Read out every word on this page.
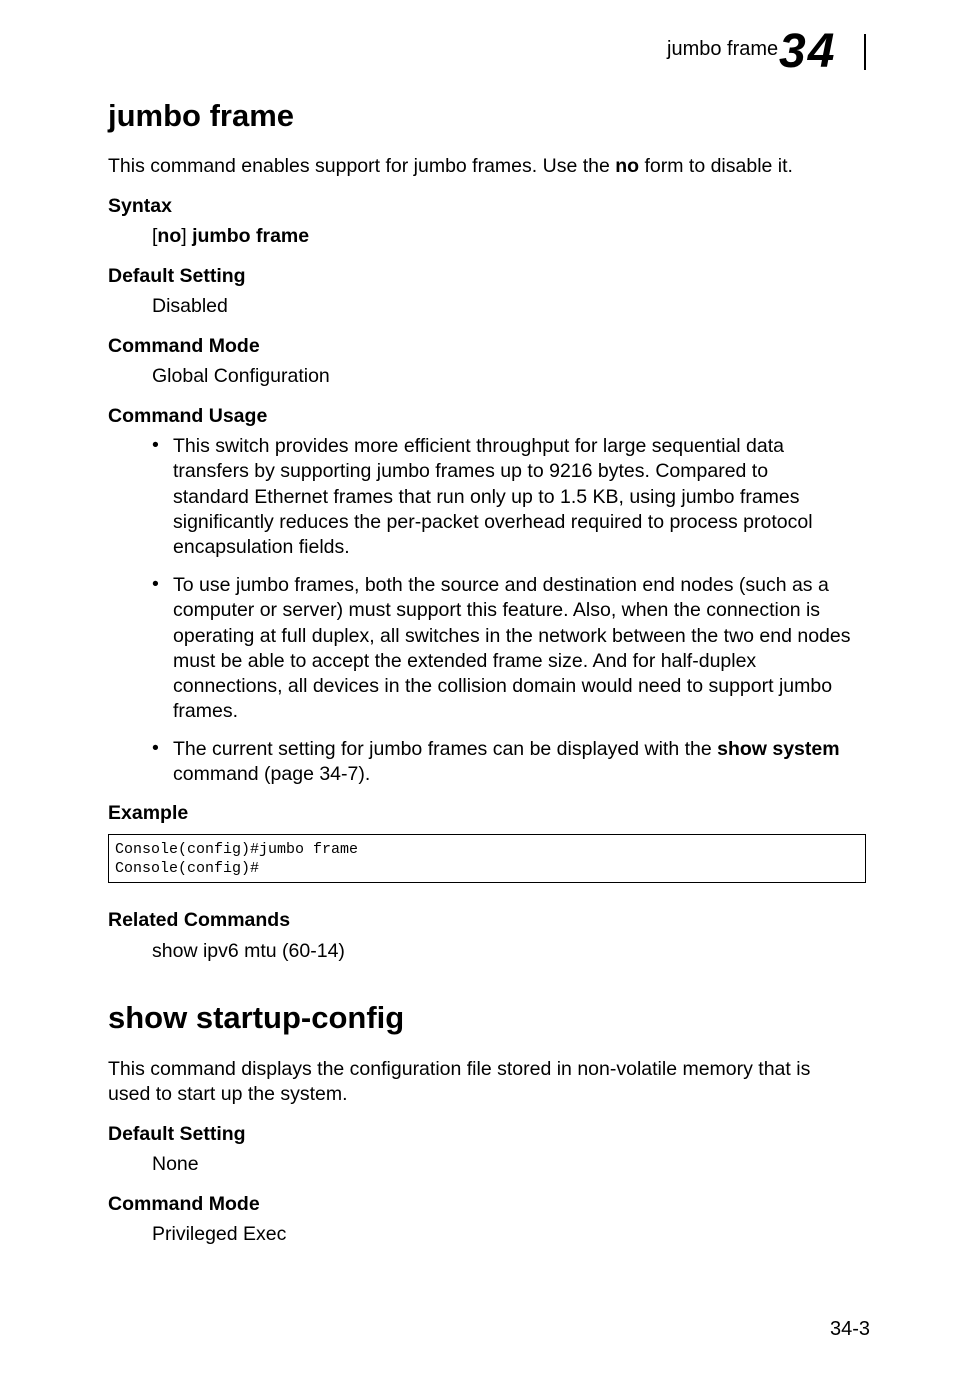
jumbo frame 34
jumbo frame
This command enables support for jumbo frames. Use the no form to disable it.
Syntax
[no] jumbo frame
Default Setting
Disabled
Command Mode
Global Configuration
Command Usage
• This switch provides more efficient throughput for large sequential data
transfers by supporting jumbo frames up to 9216 bytes. Compared to
standard Ethernet frames that run only up to 1.5 KB, using jumbo frames
significantly reduces the per-packet overhead required to process protocol
encapsulation fields.
• To use jumbo frames, both the source and destination end nodes (such as a
computer or server) must support this feature. Also, when the connection is
operating at full duplex, all switches in the network between the two end nodes
must be able to accept the extended frame size. And for half-duplex
connections, all devices in the collision domain would need to support jumbo
frames.
• The current setting for jumbo frames can be displayed with the show system
command (page 34-7).
Example
Console(config)#jumbo frame
Console(config)#
Related Commands
show ipv6 mtu (60-14)
show startup-config
This command displays the configuration file stored in non-volatile memory that is
used to start up the system.
Default Setting
None
Command Mode
Privileged Exec
34-3
